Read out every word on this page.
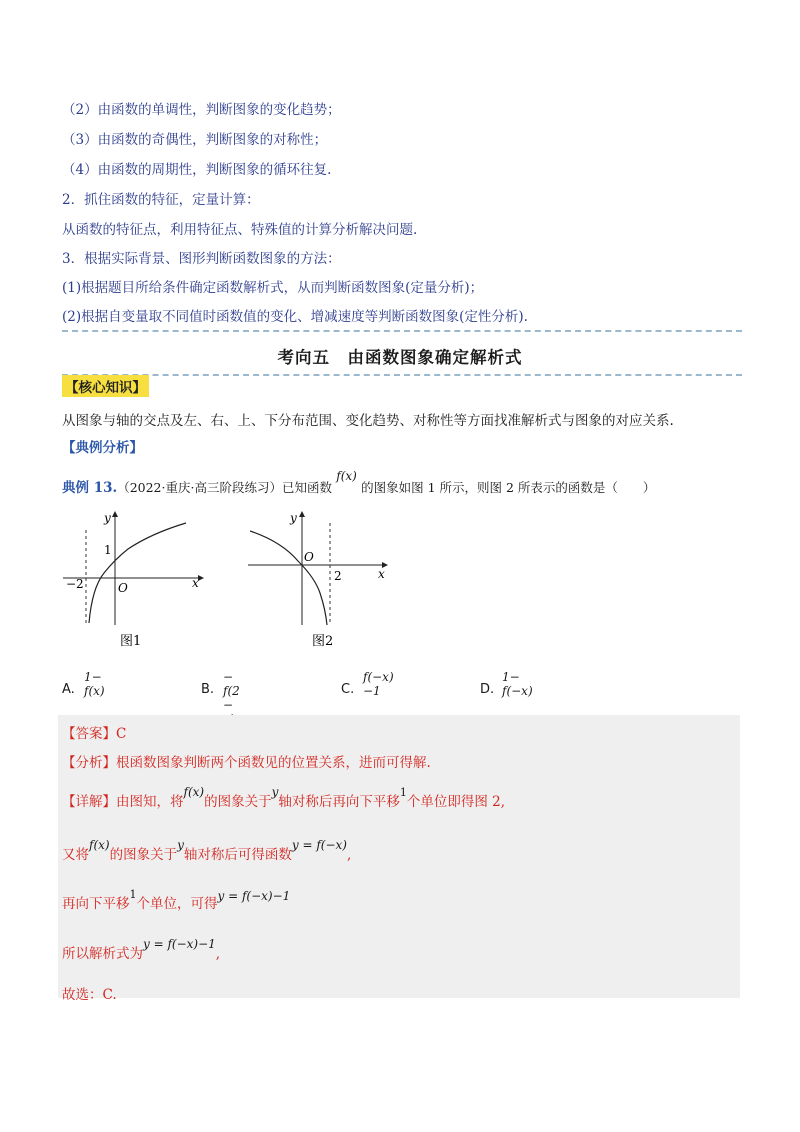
（2）由函数的单调性，判断图象的变化趋势；
（3）由函数的奇偶性，判断图象的对称性；
（4）由函数的周期性，判断图象的循环往复.
2．抓住函数的特征，定量计算：
从函数的特征点，利用特征点、特殊值的计算分析解决问题.
3．根据实际背景、图形判断函数图象的方法：
(1)根据题目所给条件确定函数解析式，从而判断函数图象(定量分析)；
(2)根据自变量取不同值时函数值的变化、增减速度等判断函数图象(定性分析).
考向五　由函数图象确定解析式
【核心知识】
从图象与轴的交点及左、右、上、下分布范围、变化趋势、对称性等方面找准解析式与图象的对应关系.
【典例分析】
典例 13.（2022·重庆·高三阶段练习）已知函数 f(x) 的图象如图 1 所示，则图 2 所表示的函数是（　　）
y
x
O
1
−2
图1
y
x
O
2
图2
A.
1− f(x)	B.
− f(2 −
C.
f(−x)−1	D.
1− f(−x)
【答案】C
【分析】根函数图象判断两个函数见的位置关系，进而可得解.
【详解】由图知，将f(x)的图象关于y轴对称后再向下平移$^1$个单位即得图 2,
又将f(x)的图象关于y轴对称后可得函数y = f(−x),
再向下平移$^1$个单位，可得y = f(−x)−1
所以解析式为y = f(−x)−1,
故选：C.
